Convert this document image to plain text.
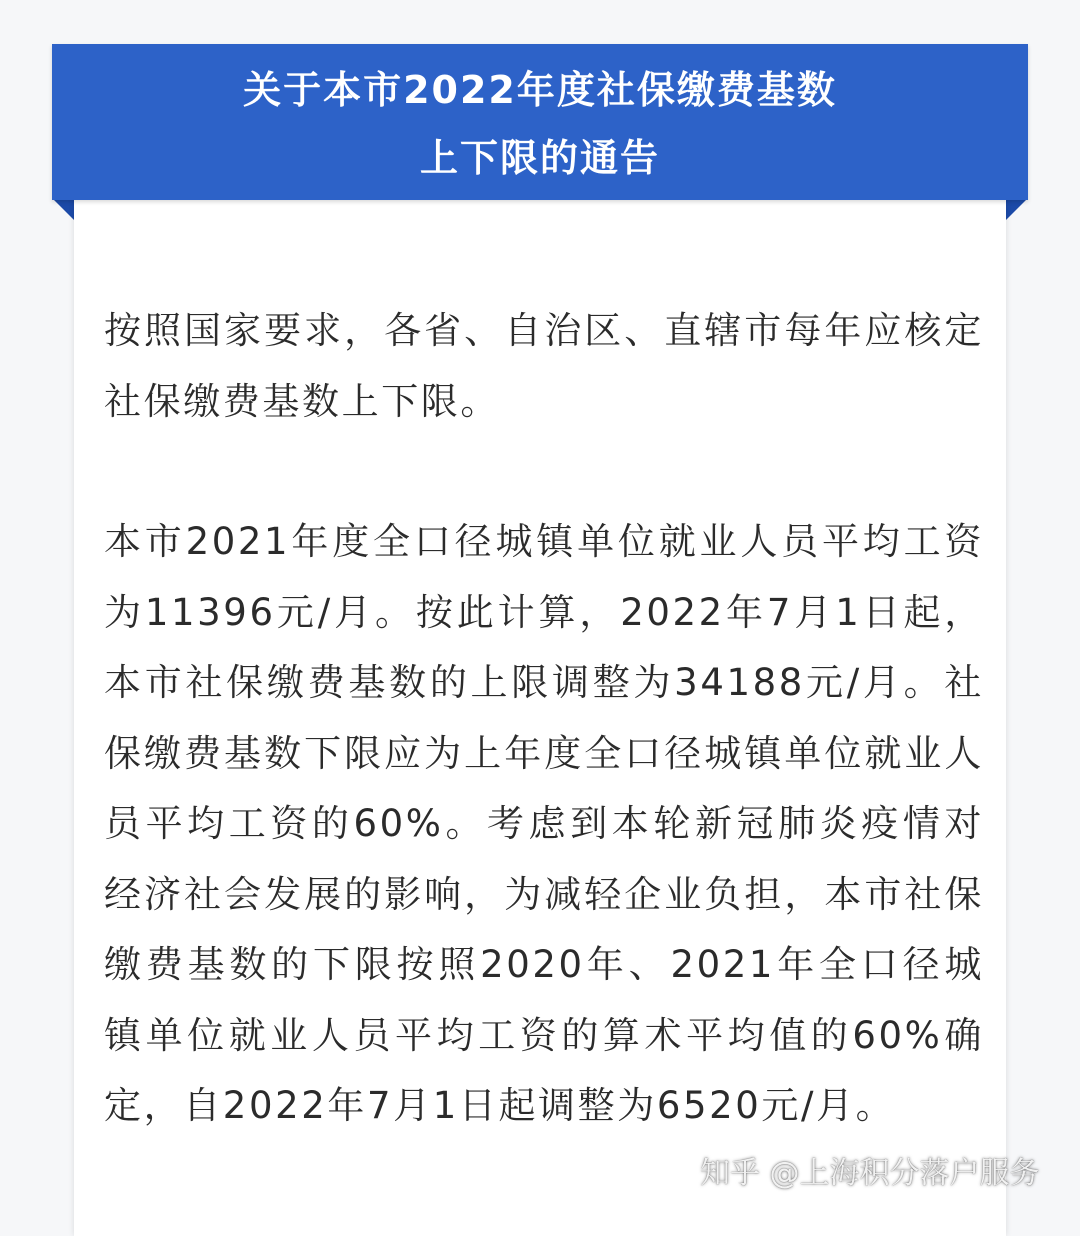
关于本市2022年度社保缴费基数
上下限的通告

按照国家要求，各省、自治区、直辖市每年应核定社保缴费基数上下限。

本市2021年度全口径城镇单位就业人员平均工资为11396元/月。按此计算，2022年7月1日起，本市社保缴费基数的上限调整为34188元/月。社保缴费基数下限应为上年度全口径城镇单位就业人员平均工资的60%。考虑到本轮新冠肺炎疫情对经济社会发展的影响，为减轻企业负担，本市社保缴费基数的下限按照2020年、2021年全口径城镇单位就业人员平均工资的算术平均值的60%确定，自2022年7月1日起调整为6520元/月。

知乎 @上海积分落户服务
